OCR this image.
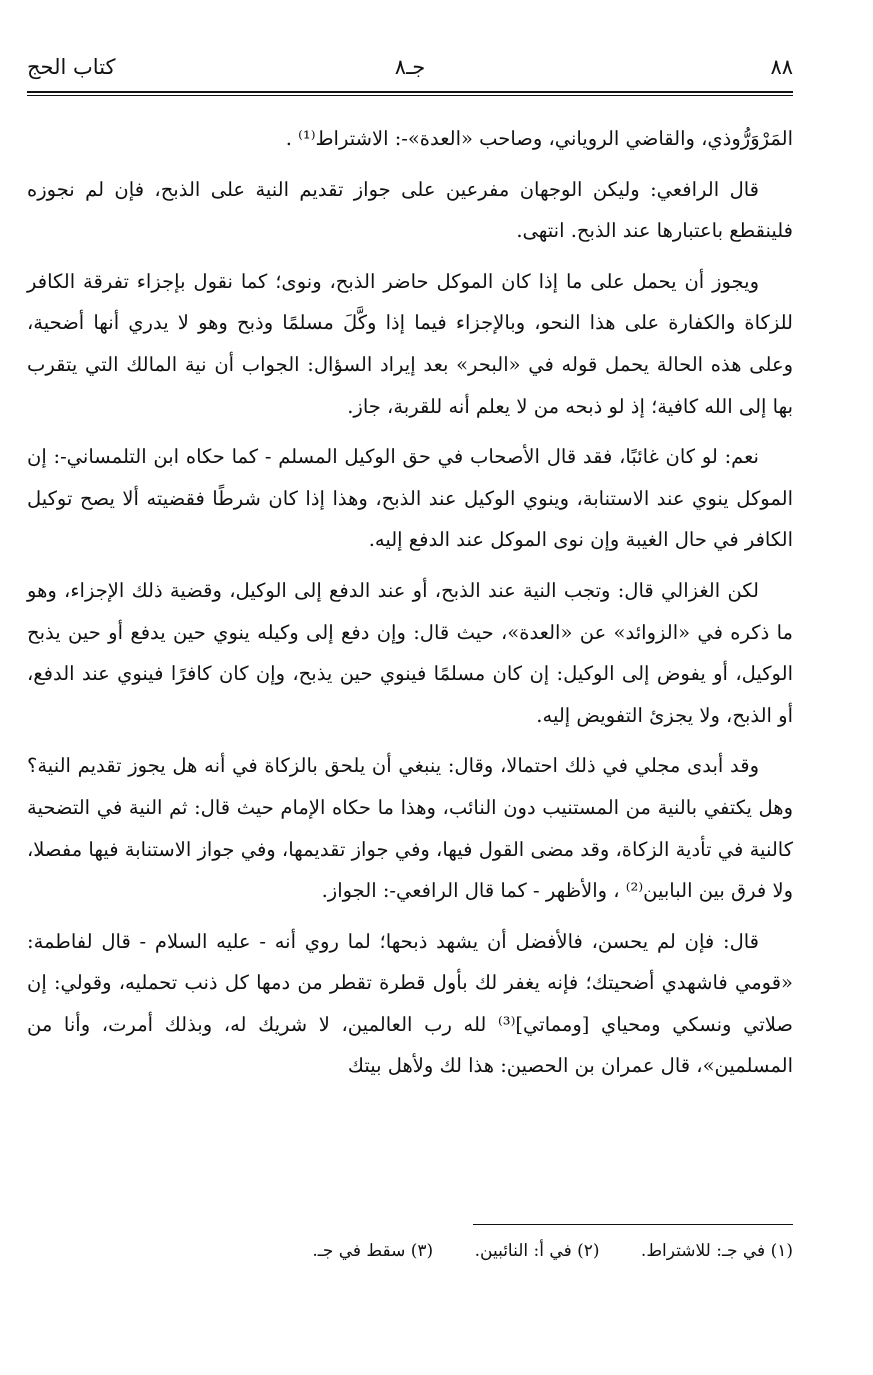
٨٨
جـ٨
كتاب الحج

المَرْوَرُّوذي، والقاضي الروياني، وصاحب «العدة»-: الاشتراط⁽¹⁾ .

قال الرافعي: وليكن الوجهان مفرعين على جواز تقديم النية على الذبح، فإن لم نجوزه فلينقطع باعتبارها عند الذبح. انتهى.

ويجوز أن يحمل على ما إذا كان الموكل حاضر الذبح، ونوى؛ كما نقول بإجزاء تفرقة الكافر للزكاة والكفارة على هذا النحو، وبالإجزاء فيما إذا وكَّلَ مسلمًا وذبح وهو لا يدري أنها أضحية، وعلى هذه الحالة يحمل قوله في «البحر» بعد إيراد السؤال: الجواب أن نية المالك التي يتقرب بها إلى الله كافية؛ إذ لو ذبحه من لا يعلم أنه للقربة، جاز.

نعم: لو كان غائبًا، فقد قال الأصحاب في حق الوكيل المسلم - كما حكاه ابن التلمساني-: إن الموكل ينوي عند الاستنابة، وينوي الوكيل عند الذبح، وهذا إذا كان شرطًا فقضيته ألا يصح توكيل الكافر في حال الغيبة وإن نوى الموكل عند الدفع إليه.

لكن الغزالي قال: وتجب النية عند الذبح، أو عند الدفع إلى الوكيل، وقضية ذلك الإجزاء، وهو ما ذكره في «الزوائد» عن «العدة»، حيث قال: وإن دفع إلى وكيله ينوي حين يدفع أو حين يذبح الوكيل، أو يفوض إلى الوكيل: إن كان مسلمًا فينوي حين يذبح، وإن كان كافرًا فينوي عند الدفع، أو الذبح، ولا يجزئ التفويض إليه.

وقد أبدى مجلي في ذلك احتمالا، وقال: ينبغي أن يلحق بالزكاة في أنه هل يجوز تقديم النية؟ وهل يكتفي بالنية من المستنيب دون النائب، وهذا ما حكاه الإمام حيث قال: ثم النية في التضحية كالنية في تأدية الزكاة، وقد مضى القول فيها، وفي جواز تقديمها، وفي جواز الاستنابة فيها مفصلا، ولا فرق بين البابين⁽²⁾ ، والأظهر - كما قال الرافعي-: الجواز.

قال: فإن لم يحسن، فالأفضل أن يشهد ذبحها؛ لما روي أنه - عليه السلام - قال لفاطمة: «قومي فاشهدي أضحيتك؛ فإنه يغفر لك بأول قطرة تقطر من دمها كل ذنب تحمليه، وقولي: إن صلاتي ونسكي ومحياي [ومماتي]⁽³⁾ لله رب العالمين، لا شريك له، وبذلك أمرت، وأنا من المسلمين»، قال عمران بن الحصين: هذا لك ولأهل بيتك

(١) في جـ: للاشتراط. (٢) في أ: النائبين. (٣) سقط في جـ.
